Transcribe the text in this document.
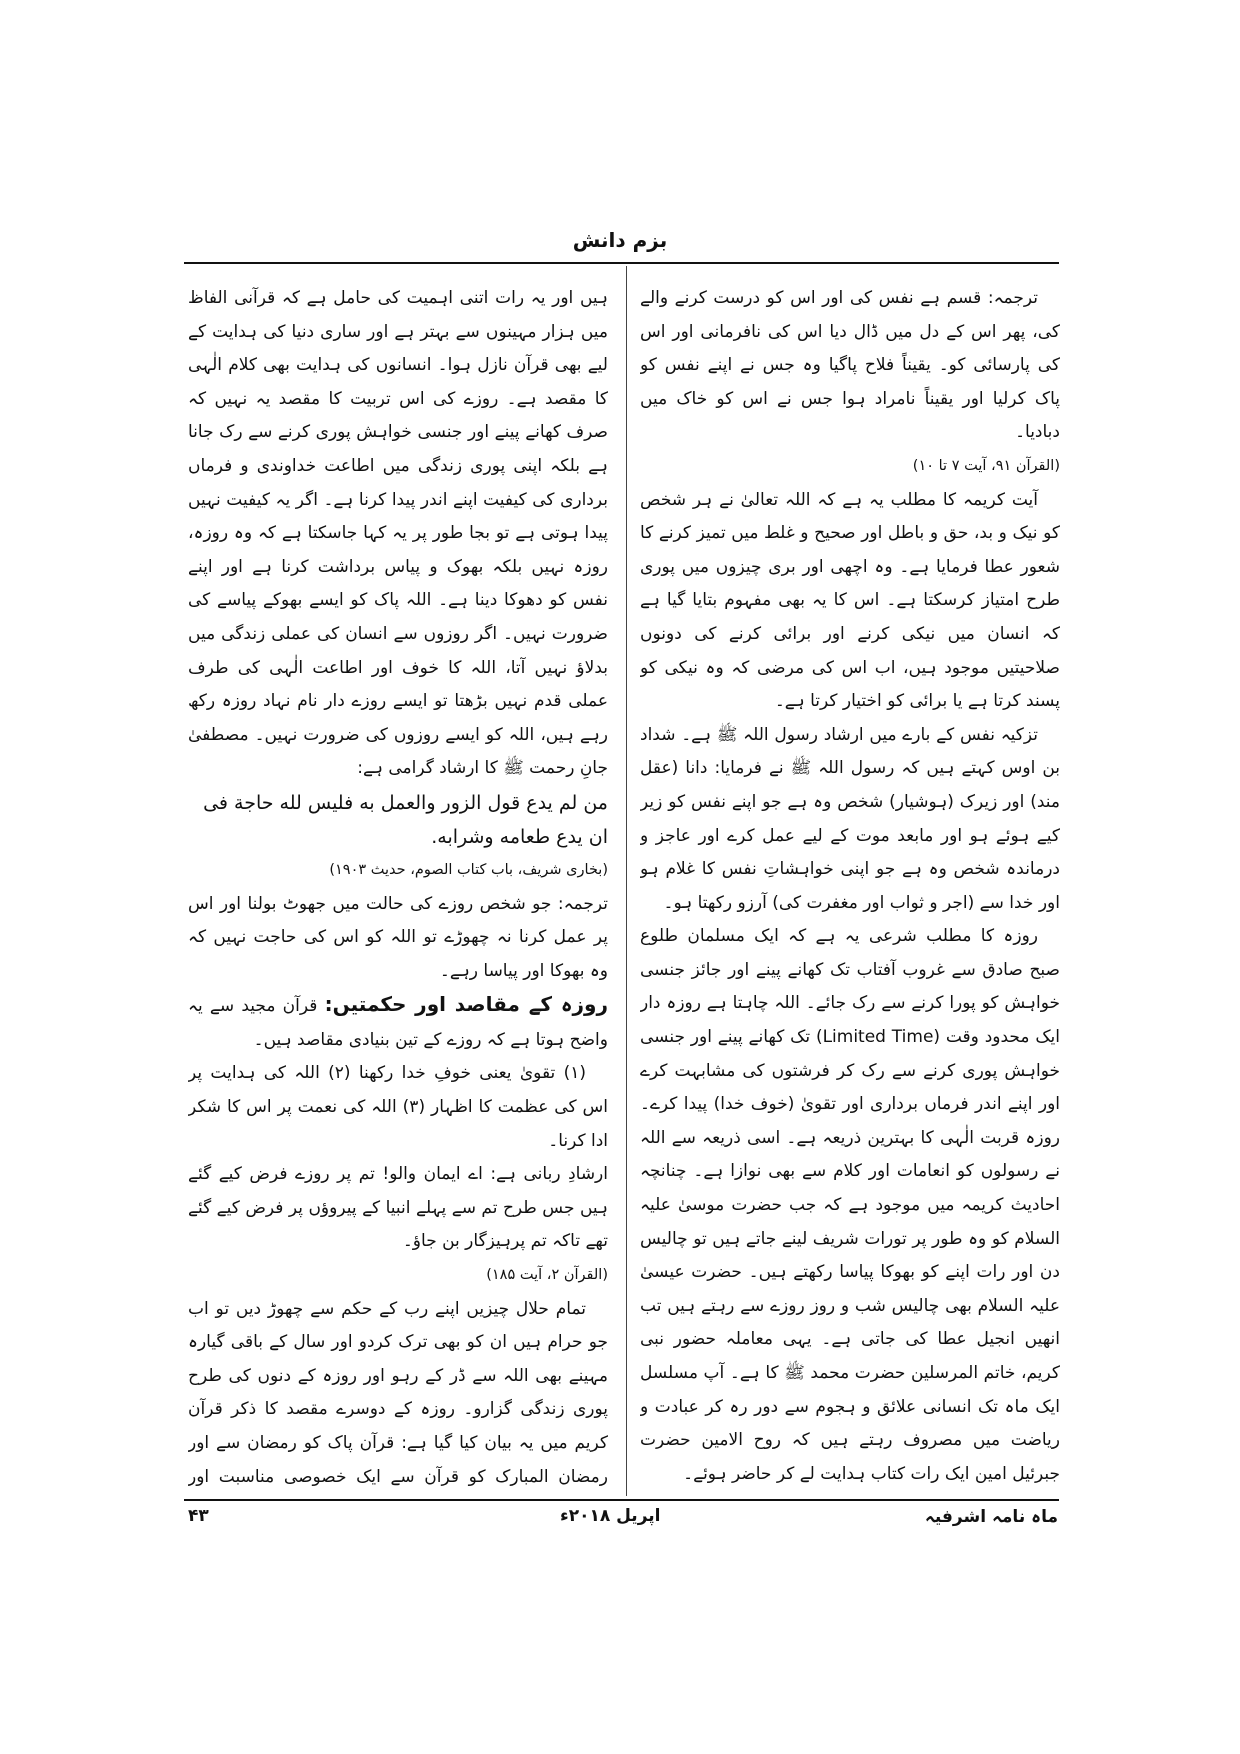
بزم دانش

ترجمہ: قسم ہے نفس کی اور اس کو درست کرنے والے کی، پھر اس کے دل میں ڈال دیا اس کی نافرمانی اور اس کی پارسائی کو۔ یقیناً فلاح پاگیا وہ جس نے اپنے نفس کو پاک کرلیا اور یقیناً نامراد ہوا جس نے اس کو خاک میں دبادیا۔

(القرآن ۹۱، آیت ۷ تا ۱۰)

آیت کریمہ کا مطلب یہ ہے کہ اللہ تعالیٰ نے ہر شخص کو نیک و بد، حق و باطل اور صحیح و غلط میں تمیز کرنے کا شعور عطا فرمایا ہے۔ وہ اچھی اور بری چیزوں میں پوری طرح امتیاز کرسکتا ہے۔ اس کا یہ بھی مفہوم بتایا گیا ہے کہ انسان میں نیکی کرنے اور برائی کرنے کی دونوں صلاحیتیں موجود ہیں، اب اس کی مرضی کہ وہ نیکی کو پسند کرتا ہے یا برائی کو اختیار کرتا ہے۔

تزکیہ نفس کے بارے میں ارشاد رسول اللہ ﷺ ہے۔ شداد بن اوس کہتے ہیں کہ رسول اللہ ﷺ نے فرمایا: دانا (عقل مند) اور زیرک (ہوشیار) شخص وہ ہے جو اپنے نفس کو زیر کیے ہوئے ہو اور مابعد موت کے لیے عمل کرے اور عاجز و درماندہ شخص وہ ہے جو اپنی خواہشاتِ نفس کا غلام ہو اور خدا سے (اجر و ثواب اور مغفرت کی) آرزو رکھتا ہو۔

روزہ کا مطلب شرعی یہ ہے کہ ایک مسلمان طلوع صبح صادق سے غروب آفتاب تک کھانے پینے اور جائز جنسی خواہش کو پورا کرنے سے رک جائے۔ اللہ چاہتا ہے روزہ دار ایک محدود وقت (Limited Time) تک کھانے پینے اور جنسی خواہش پوری کرنے سے رک کر فرشتوں کی مشابہت کرے اور اپنے اندر فرماں برداری اور تقویٰ (خوف خدا) پیدا کرے۔ روزہ قربت الٰہی کا بہترین ذریعہ ہے۔ اسی ذریعہ سے اللہ نے رسولوں کو انعامات اور کلام سے بھی نوازا ہے۔ چنانچہ احادیث کریمہ میں موجود ہے کہ جب حضرت موسیٰ علیہ السلام کو وہ طور پر تورات شریف لینے جاتے ہیں تو چالیس دن اور رات اپنے کو بھوکا پیاسا رکھتے ہیں۔ حضرت عیسیٰ علیہ السلام بھی چالیس شب و روز روزے سے رہتے ہیں تب انھیں انجیل عطا کی جاتی ہے۔ یہی معاملہ حضور نبی کریم، خاتم المرسلین حضرت محمد ﷺ کا ہے۔ آپ مسلسل ایک ماہ تک انسانی علائق و ہجوم سے دور رہ کر عبادت و ریاضت میں مصروف رہتے ہیں کہ روح الامین حضرت جبرئیل امین ایک رات کتاب ہدایت لے کر حاضر ہوئے۔

ہیں اور یہ رات اتنی اہمیت کی حامل ہے کہ قرآنی الفاظ میں ہزار مہینوں سے بہتر ہے اور ساری دنیا کی ہدایت کے لیے بھی قرآن نازل ہوا۔ انسانوں کی ہدایت بھی کلام الٰہی کا مقصد ہے۔ روزے کی اس تربیت کا مقصد یہ نہیں کہ صرف کھانے پینے اور جنسی خواہش پوری کرنے سے رک جانا ہے بلکہ اپنی پوری زندگی میں اطاعت خداوندی و فرماں برداری کی کیفیت اپنے اندر پیدا کرنا ہے۔ اگر یہ کیفیت نہیں پیدا ہوتی ہے تو بجا طور پر یہ کہا جاسکتا ہے کہ وہ روزہ، روزہ نہیں بلکہ بھوک و پیاس برداشت کرنا ہے اور اپنے نفس کو دھوکا دینا ہے۔ اللہ پاک کو ایسے بھوکے پیاسے کی ضرورت نہیں۔ اگر روزوں سے انسان کی عملی زندگی میں بدلاؤ نہیں آتا، اللہ کا خوف اور اطاعت الٰہی کی طرف عملی قدم نہیں بڑھتا تو ایسے روزے دار نام نہاد روزہ رکھ رہے ہیں، اللہ کو ایسے روزوں کی ضرورت نہیں۔ مصطفیٰ جانِ رحمت ﷺ کا ارشاد گرامی ہے:

من لم یدع قول الزور والعمل به فلیس لله حاجة فی ان یدع طعامه وشرابه.

(بخاری شریف، باب کتاب الصوم، حدیث ۱۹۰۳)

ترجمہ: جو شخص روزے کی حالت میں جھوٹ بولنا اور اس پر عمل کرنا نہ چھوڑے تو اللہ کو اس کی حاجت نہیں کہ وہ بھوکا اور پیاسا رہے۔

روزہ کے مقاصد اور حکمتیں: قرآن مجید سے یہ واضح ہوتا ہے کہ روزے کے تین بنیادی مقاصد ہیں۔

(۱) تقویٰ یعنی خوفِ خدا رکھنا (۲) اللہ کی ہدایت پر اس کی عظمت کا اظہار (۳) اللہ کی نعمت پر اس کا شکر ادا کرنا۔

ارشادِ ربانی ہے: اے ایمان والو! تم پر روزے فرض کیے گئے ہیں جس طرح تم سے پہلے انبیا کے پیروؤں پر فرض کیے گئے تھے تاکہ تم پرہیزگار بن جاؤ۔

(القرآن ۲، آیت ۱۸۵)

تمام حلال چیزیں اپنے رب کے حکم سے چھوڑ دیں تو اب جو حرام ہیں ان کو بھی ترک کردو اور سال کے باقی گیارہ مہینے بھی اللہ سے ڈر کے رہو اور روزہ کے دنوں کی طرح پوری زندگی گزارو۔ روزہ کے دوسرے مقصد کا ذکر قرآن کریم میں یہ بیان کیا گیا ہے: قرآن پاک کو رمضان سے اور رمضان المبارک کو قرآن سے ایک خصوصی مناسبت اور

ماہ نامہ اشرفیہ
اپریل ۲۰۱۸ء
۴۳
